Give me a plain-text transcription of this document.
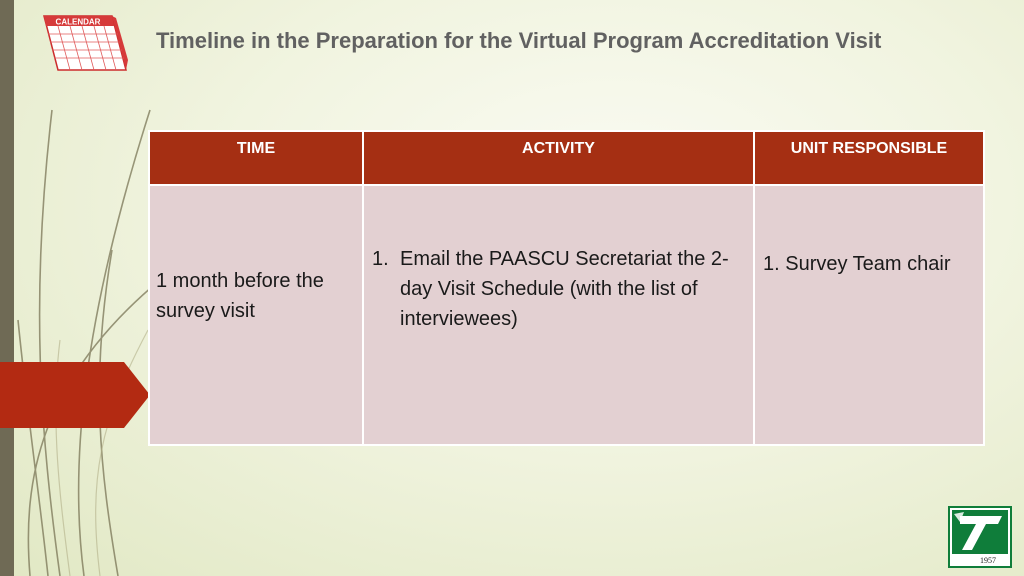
CALENDAR
Timeline in the Preparation for the Virtual Program Accreditation Visit
TIME	ACTIVITY	UNIT RESPONSIBLE
1 month before the survey visit	1. Email the PAASCU Secretariat the 2-day Visit Schedule (with the list of interviewees)	1. Survey Team chair
1957
